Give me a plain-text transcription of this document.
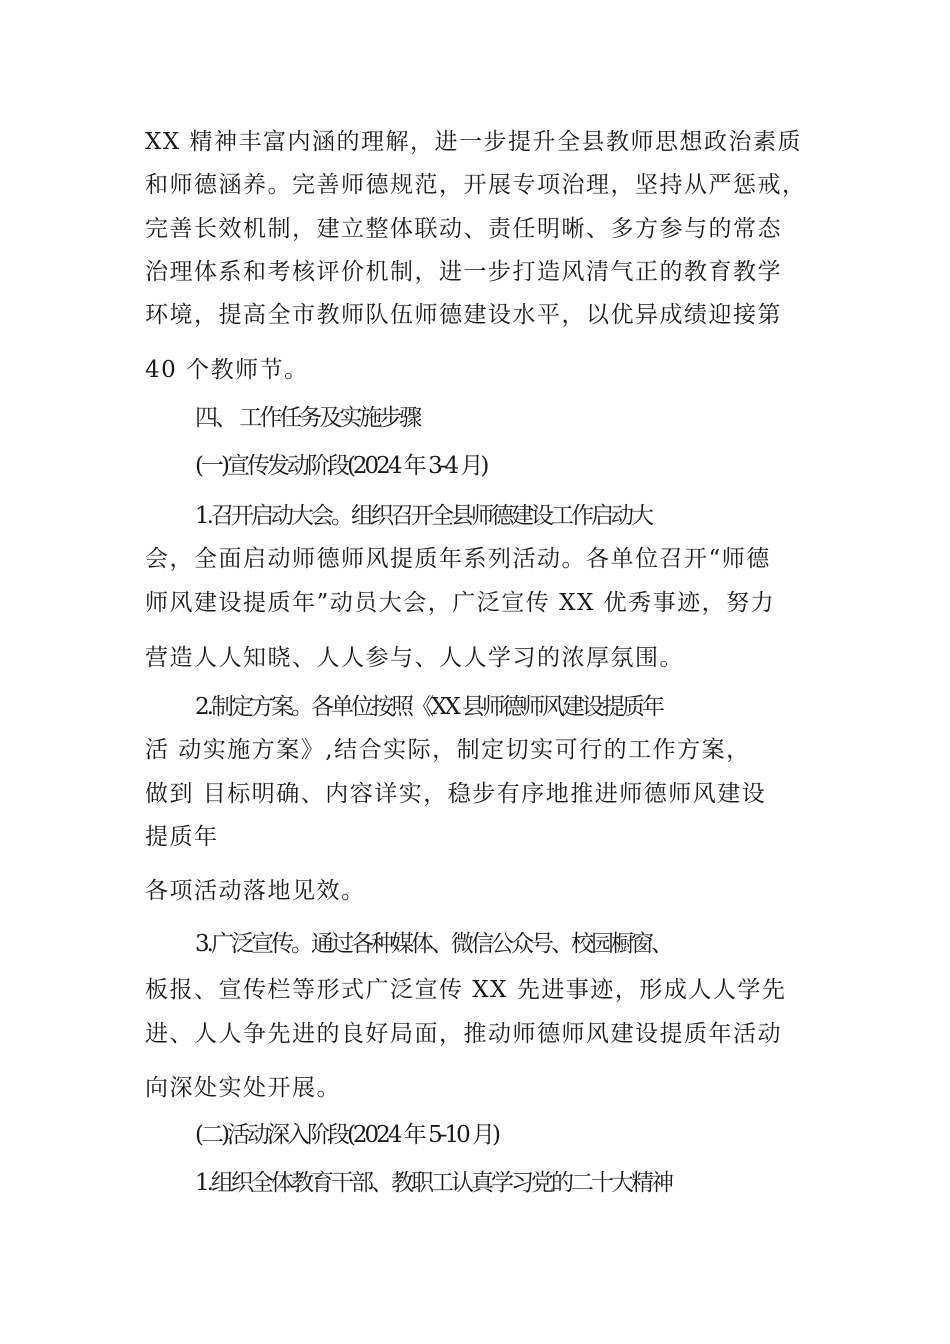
XX 精神丰富内涵的理解，进一步提升全县教师思想政治素质
和师德涵养。完善师德规范，开展专项治理，坚持从严惩戒，
完善长效机制，建立整体联动、责任明晰、多方参与的常态
治理体系和考核评价机制，进一步打造风清气正的教育教学
环境，提高全市教师队伍师德建设水平，以优异成绩迎接第
40 个教师节。
四、 工作任务及实施步骤
(一)宣传发动阶段(2024 年 3-4 月)
1.召开启动大会。组织召开全县师德建设工作启动大
会，全面启动师德师风提质年系列活动。各单位召开“师德
师风建设提质年”动员大会，广泛宣传 XX 优秀事迹，努力
营造人人知晓、人人参与、人人学习的浓厚氛围。
2.制定方案。各单位按照《XX 县师德师风建设提质年
活 动实施方案》,结合实际，制定切实可行的工作方案，
做到 目标明确、内容详实，稳步有序地推进师德师风建设
提质年
各项活动落地见效。
3.广泛宣传。通过各种媒体、微信公众号、校园橱窗、
板报、宣传栏等形式广泛宣传 XX 先进事迹，形成人人学先
进、人人争先进的良好局面，推动师德师风建设提质年活动
向深处实处开展。
(二)活动深入阶段(2024 年 5-10 月)
1.组织全体教育干部、教职工认真学习党的二十大精神
